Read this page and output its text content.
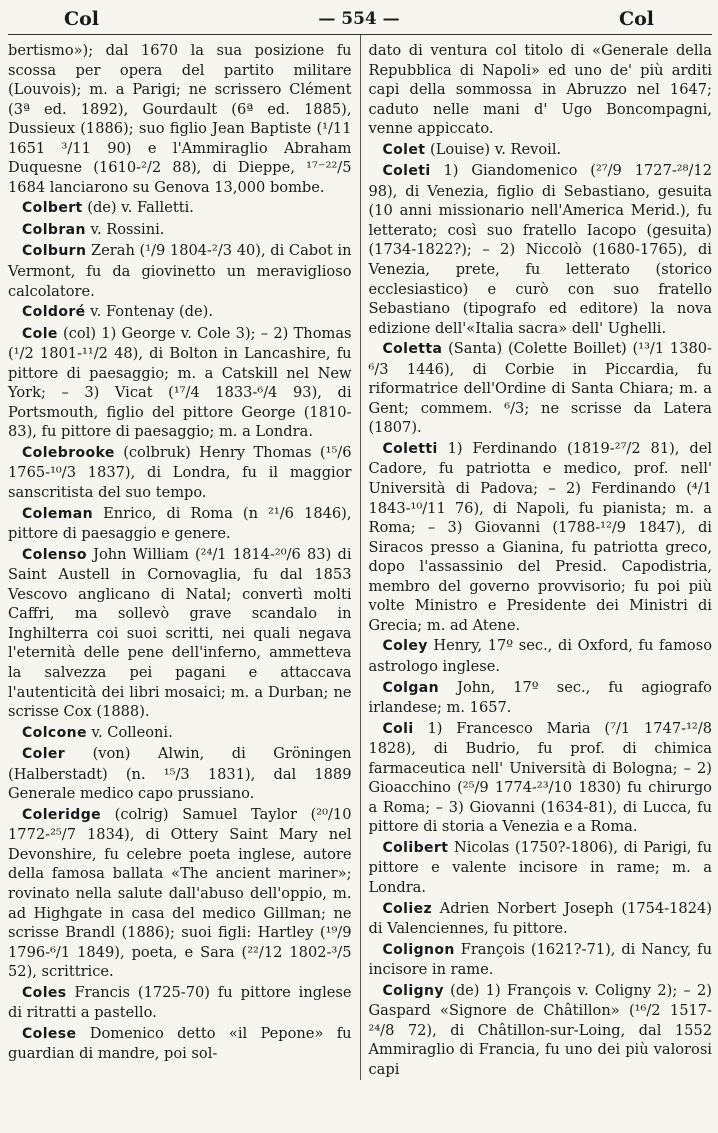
Col	— 554 —	Col

bertismo»); dal 1670 la sua posizione fu scossa per opera del partito militare (Louvois); m. a Parigi; ne scrissero Clément (3ª ed. 1892), Gourdault (6ª ed. 1885), Dussieux (1886); suo figlio Jean Baptiste (¹/11 1651 ³/11 90) e l'Ammiraglio Abraham Duquesne (1610-²/2 88), di Dieppe, ¹⁷⁻²²/5 1684 lanciarono su Genova 13,000 bombe.

Colbert (de) v. Falletti.

Colbran v. Rossini.

Colburn Zerah (¹/9 1804-²/3 40), di Cabot in Vermont, fu da giovinetto un meraviglioso calcolatore.

Coldoré v. Fontenay (de).

Cole (col) 1) George v. Cole 3); – 2) Thomas (¹/2 1801-¹¹/2 48), di Bolton in Lancashire, fu pittore di paesaggio; m. a Catskill nel New York; – 3) Vicat (¹⁷/4 1833-⁶/4 93), di Portsmouth, figlio del pittore George (1810-83), fu pittore di paesaggio; m. a Londra.

Colebrooke (colbruk) Henry Thomas (¹⁵/6 1765-¹⁰/3 1837), di Londra, fu il maggior sanscritista del suo tempo.

Coleman Enrico, di Roma (n ²¹/6 1846), pittore di paesaggio e genere.

Colenso John William (²⁴/1 1814-²⁰/6 83) di Saint Austell in Cornovaglia, fu dal 1853 Vescovo anglicano di Natal; convertì molti Caffri, ma sollevò grave scandalo in Inghilterra coi suoi scritti, nei quali negava l'eternità delle pene dell'inferno, ammetteva la salvezza pei pagani e attaccava l'autenticità dei libri mosaici; m. a Durban; ne scrisse Cox (1888).

Colcone v. Colleoni.

Coler (von) Alwin, di Gröningen (Halberstadt) (n. ¹⁵/3 1831), dal 1889 Generale medico capo prussiano.

Coleridge (colrig) Samuel Taylor (²⁰/10 1772-²⁵/7 1834), di Ottery Saint Mary nel Devonshire, fu celebre poeta inglese, autore della famosa ballata «The ancient mariner»; rovinato nella salute dall'abuso dell'oppio, m. ad Highgate in casa del medico Gillman; ne scrisse Brandl (1886); suoi figli: Hartley (¹⁹/9 1796-⁶/1 1849), poeta, e Sara (²²/12 1802-³/5 52), scrittrice.

Coles Francis (1725-70) fu pittore inglese di ritratti a pastello.

Colese Domenico detto «il Pepone» fu guardian di mandre, poi sol-

dato di ventura col titolo di «Generale della Repubblica di Napoli» ed uno de' più arditi capi della sommossa in Abruzzo nel 1647; caduto nelle mani d' Ugo Boncompagni, venne appiccato.

Colet (Louise) v. Revoil.

Coleti 1) Giandomenico (²⁷/9 1727-²⁸/12 98), di Venezia, figlio di Sebastiano, gesuita (10 anni missionario nell'America Merid.), fu letterato; così suo fratello Iacopo (gesuita) (1734-1822?); – 2) Niccolò (1680-1765), di Venezia, prete, fu letterato (storico ecclesiastico) e curò con suo fratello Sebastiano (tipografo ed editore) la nova edizione dell'«Italia sacra» dell' Ughelli.

Coletta (Santa) (Colette Boillet) (¹³/1 1380-⁶/3 1446), di Corbie in Piccardia, fu riformatrice dell'Ordine di Santa Chiara; m. a Gent; commem. ⁶/3; ne scrisse da Latera (1807).

Coletti 1) Ferdinando (1819-²⁷/2 81), del Cadore, fu patriotta e medico, prof. nell' Università di Padova; – 2) Ferdinando (⁴/1 1843-¹⁰/11 76), di Napoli, fu pianista; m. a Roma; – 3) Giovanni (1788-¹²/9 1847), di Siracos presso a Gianina, fu patriotta greco, dopo l'assassinio del Presid. Capodistria, membro del governo provvisorio; fu poi più volte Ministro e Presidente dei Ministri di Grecia; m. ad Atene.

Coley Henry, 17º sec., di Oxford, fu famoso astrologo inglese.

Colgan John, 17º sec., fu agiografo irlandese; m. 1657.

Coli 1) Francesco Maria (⁷/1 1747-¹²/8 1828), di Budrio, fu prof. di chimica farmaceutica nell' Università di Bologna; – 2) Gioacchino (²⁵/9 1774-²³/10 1830) fu chirurgo a Roma; – 3) Giovanni (1634-81), di Lucca, fu pittore di storia a Venezia e a Roma.

Colibert Nicolas (1750?-1806), di Parigi, fu pittore e valente incisore in rame; m. a Londra.

Coliez Adrien Norbert Joseph (1754-1824) di Valenciennes, fu pittore.

Colignon François (1621?-71), di Nancy, fu incisore in rame.

Coligny (de) 1) François v. Coligny 2); – 2) Gaspard «Signore de Châtillon» (¹⁶/2 1517-²⁴/8 72), di Châtillon-sur-Loing, dal 1552 Ammiraglio di Francia, fu uno dei più valorosi capi
